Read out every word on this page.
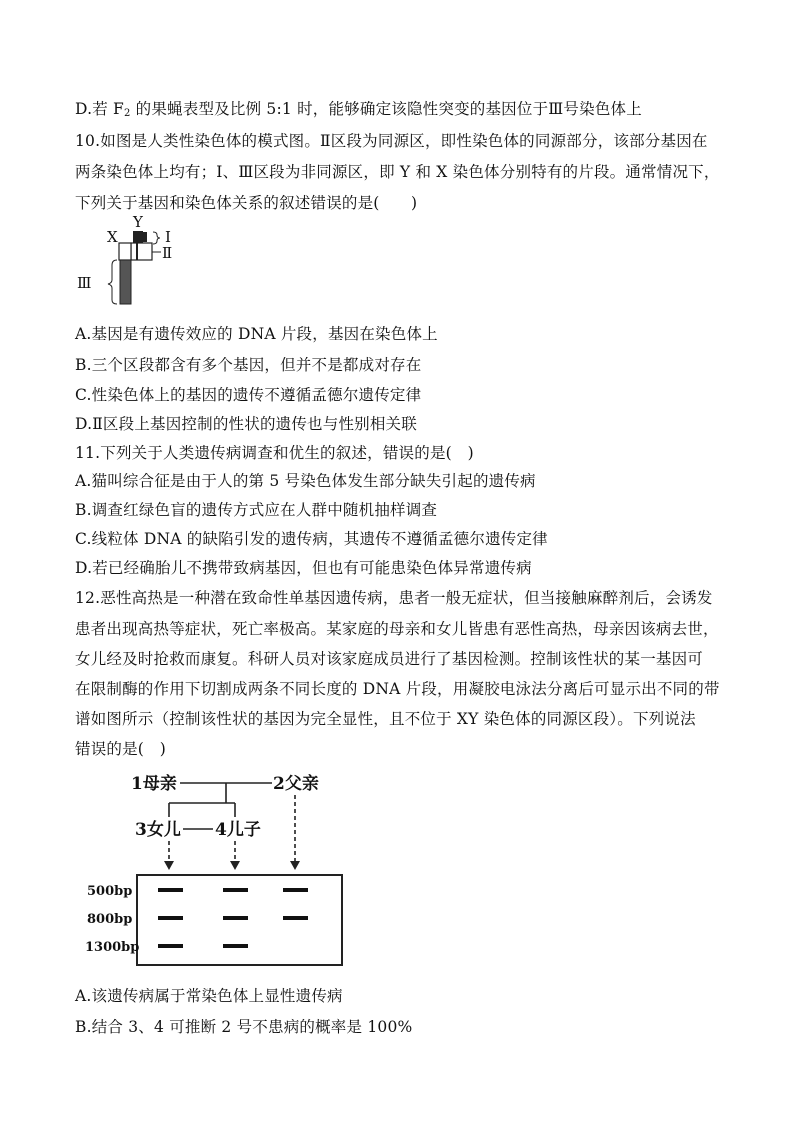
D.若 $F_2$ 的果蝇表型及比例 5:1 时，能够确定该隐性突变的基因位于Ⅲ号染色体上
10.如图是人类性染色体的模式图。Ⅱ区段为同源区，即性染色体的同源部分，该部分基因在
两条染色体上均有；Ⅰ、Ⅲ区段为非同源区，即 Y 和 X 染色体分别特有的片段。通常情况下，
下列关于基因和染色体关系的叙述错误的是(　　)
X
Y
Ⅰ
Ⅱ
Ⅲ
A.基因是有遗传效应的 DNA 片段，基因在染色体上
B.三个区段都含有多个基因，但并不是都成对存在
C.性染色体上的基因的遗传不遵循孟德尔遗传定律
D.Ⅱ区段上基因控制的性状的遗传也与性别相关联
11.下列关于人类遗传病调查和优生的叙述，错误的是(　)
A.猫叫综合征是由于人的第 5 号染色体发生部分缺失引起的遗传病
B.调查红绿色盲的遗传方式应在人群中随机抽样调查
C.线粒体 DNA 的缺陷引发的遗传病，其遗传不遵循孟德尔遗传定律
D.若已经确胎儿不携带致病基因，但也有可能患染色体异常遗传病
12.恶性高热是一种潜在致命性单基因遗传病，患者一般无症状，但当接触麻醉剂后，会诱发
患者出现高热等症状，死亡率极高。某家庭的母亲和女儿皆患有恶性高热，母亲因该病去世，
女儿经及时抢救而康复。科研人员对该家庭成员进行了基因检测。控制该性状的某一基因可
在限制酶的作用下切割成两条不同长度的 DNA 片段，用凝胶电泳法分离后可显示出不同的带
谱如图所示（控制该性状的基因为完全显性，且不位于 XY 染色体的同源区段）。下列说法
错误的是(　)
1母亲	2父亲
3女儿 4儿子
500bp
800bp
1300bp
A.该遗传病属于常染色体上显性遗传病
B.结合 3、4 可推断 2 号不患病的概率是 100%
